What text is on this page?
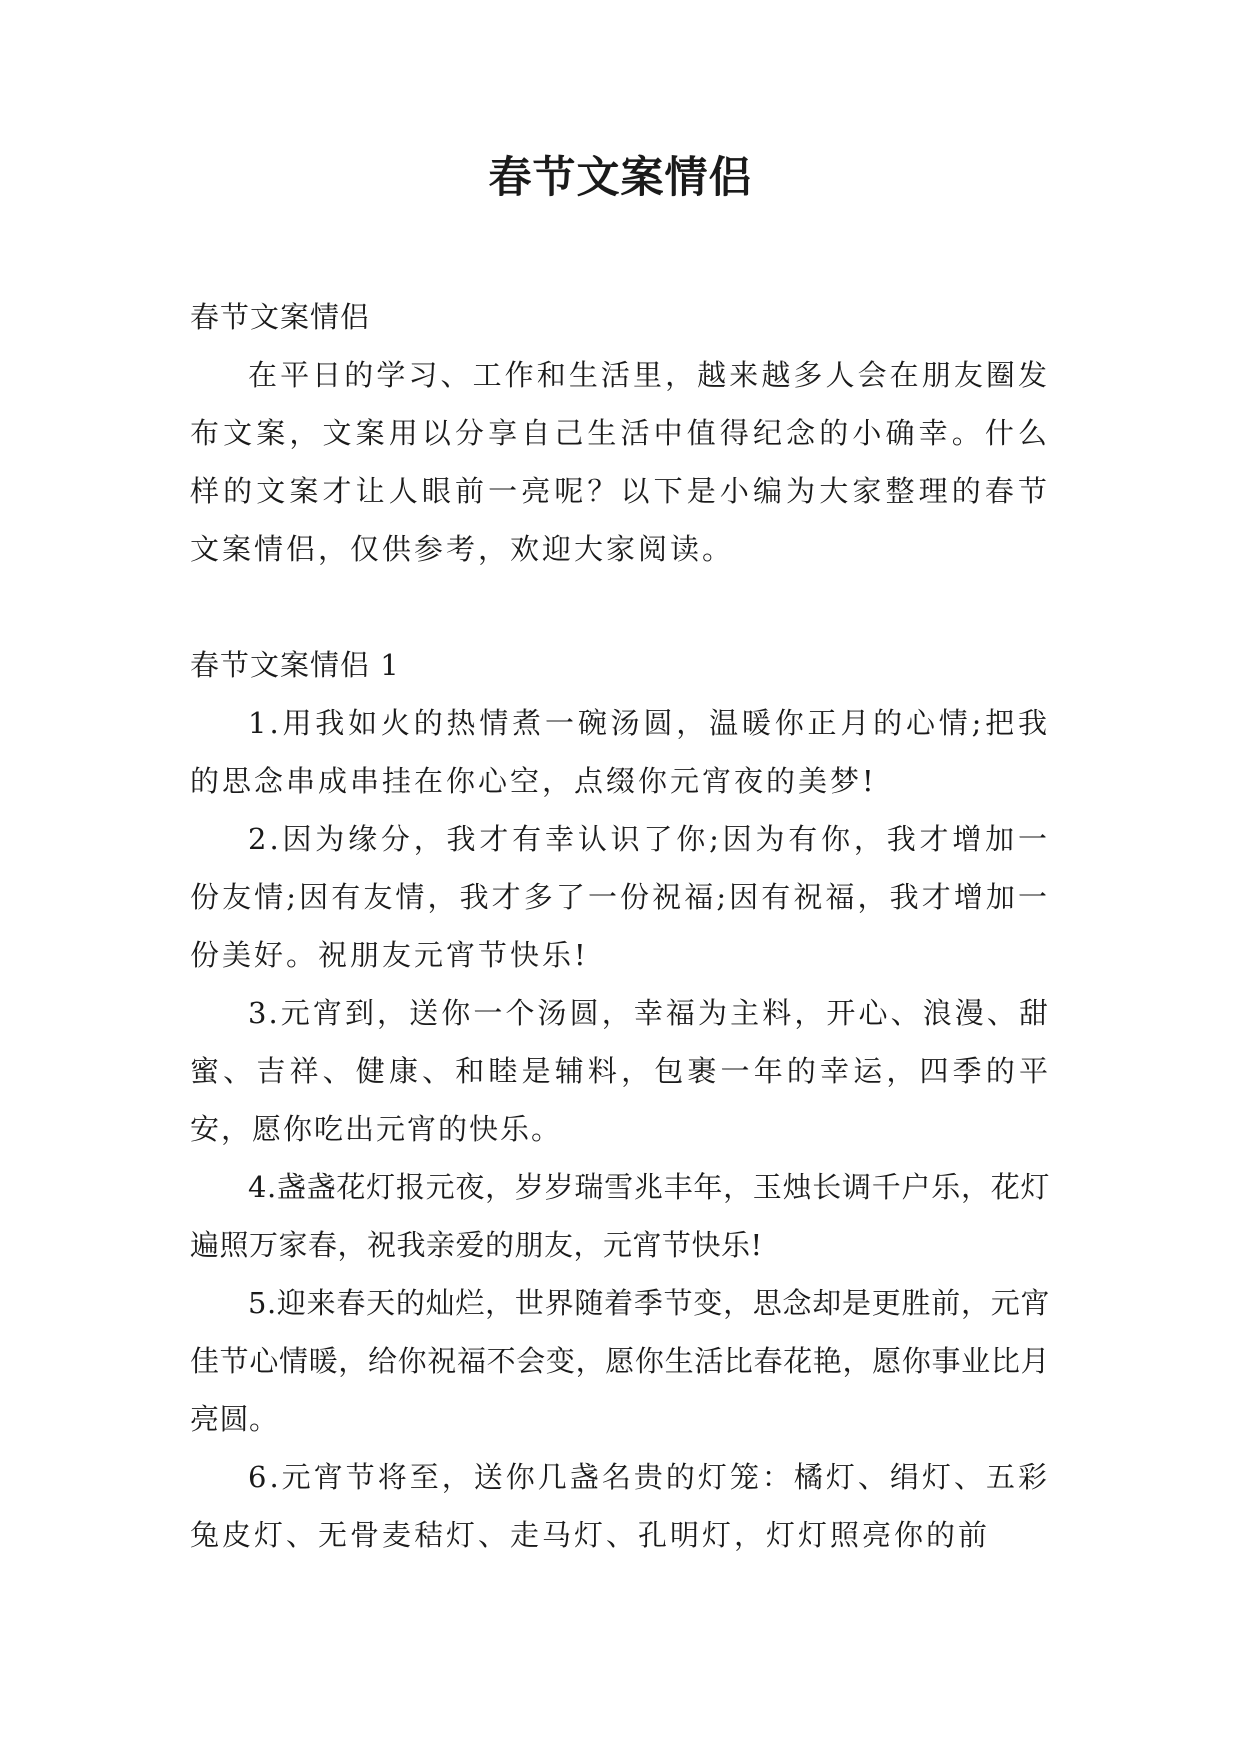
春节文案情侣

春节文案情侣

在平日的学习、工作和生活里，越来越多人会在朋友圈发布文案，文案用以分享自己生活中值得纪念的小确幸。什么样的文案才让人眼前一亮呢？以下是小编为大家整理的春节文案情侣，仅供参考，欢迎大家阅读。

春节文案情侣 1

1.用我如火的热情煮一碗汤圆，温暖你正月的心情;把我的思念串成串挂在你心空，点缀你元宵夜的美梦!

2.因为缘分，我才有幸认识了你;因为有你，我才增加一份友情;因有友情，我才多了一份祝福;因有祝福，我才增加一份美好。祝朋友元宵节快乐!

3.元宵到，送你一个汤圆，幸福为主料，开心、浪漫、甜蜜、吉祥、健康、和睦是辅料，包裹一年的幸运，四季的平安，愿你吃出元宵的快乐。

4.盏盏花灯报元夜，岁岁瑞雪兆丰年，玉烛长调千户乐，花灯遍照万家春，祝我亲爱的朋友，元宵节快乐!

5.迎来春天的灿烂，世界随着季节变，思念却是更胜前，元宵佳节心情暖，给你祝福不会变，愿你生活比春花艳，愿你事业比月亮圆。

6.元宵节将至，送你几盏名贵的灯笼：橘灯、绢灯、五彩兔皮灯、无骨麦秸灯、走马灯、孔明灯，灯灯照亮你的前
